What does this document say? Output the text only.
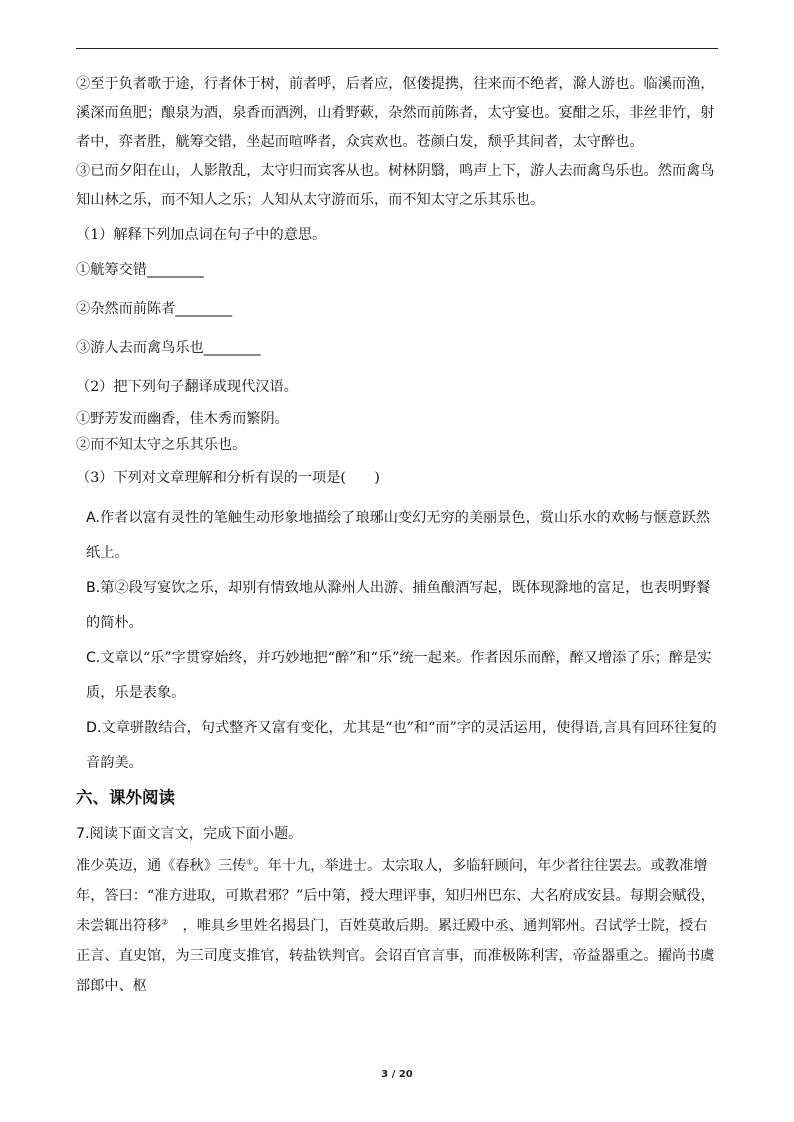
②至于负者歌于途，行者休于树，前者呼，后者应，伛偻提携，往来而不绝者，滁人游也。临溪而渔，溪深而鱼肥；酿泉为酒，泉香而酒洌，山肴野蔌，杂然而前陈者，太守宴也。宴酣之乐，非丝非竹，射者中，弈者胜，觥筹交错，坐起而喧哗者，众宾欢也。苍颜白发，颓乎其间者，太守醉也。

③已而夕阳在山，人影散乱，太守归而宾客从也。树林阴翳，鸣声上下，游人去而禽鸟乐也。然而禽鸟知山林之乐，而不知人之乐；人知从太守游而乐，而不知太守之乐其乐也。

（1）解释下列加点词在句子中的意思。

①觥筹交错________

②杂然而前陈者________

③游人去而禽鸟乐也________

（2）把下列句子翻译成现代汉语。

①野芳发而幽香，佳木秀而繁阴。

②而不知太守之乐其乐也。

（3）下列对文章理解和分析有误的一项是(　　)

A.作者以富有灵性的笔触生动形象地描绘了琅琊山变幻无穷的美丽景色，赏山乐水的欢畅与惬意跃然纸上。

B.第②段写宴饮之乐，却别有情致地从滁州人出游、捕鱼酿酒写起，既体现滁地的富足，也表明野餐的简朴。

C.文章以“乐”字贯穿始终，并巧妙地把“醉”和“乐”统一起来。作者因乐而醉，醉又增添了乐；醉是实质，乐是表象。

D.文章骈散结合，句式整齐又富有变化，尤其是“也”和“而”字的灵活运用，使得语,言具有回环往复的音韵美。

六、课外阅读

7.阅读下面文言文，完成下面小题。

准少英迈，通《春秋》三传①。年十九，举进士。太宗取人，多临轩顾问，年少者往往罢去。或教准增年，答曰：“准方进取，可欺君邪？”后中第，授大理评事，知归州巴东、大名府成安县。每期会赋役，未尝辄出符移②　，唯具乡里姓名揭县门，百姓莫敢后期。累迁殿中丞、通判郓州。召试学士院，授右正言、直史馆，为三司度支推官，转盐铁判官。会诏百官言事，而准极陈利害，帝益器重之。擢尚书虞部郎中、枢

3 / 20
